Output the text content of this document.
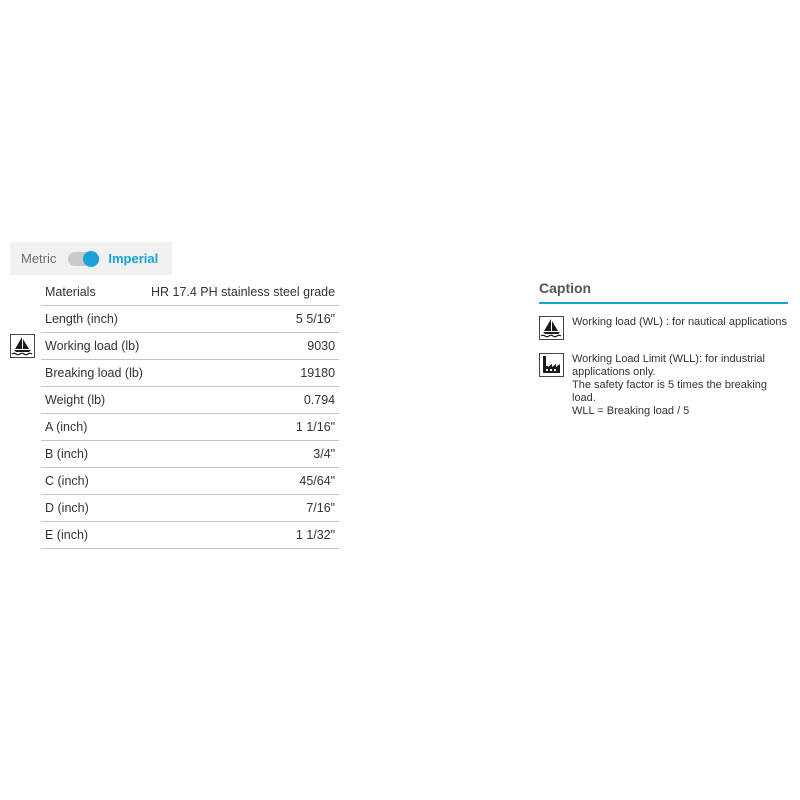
Metric	Imperial
Materials	HR 17.4 PH stainless steel grade
Length (inch)	5 5/16"
Working load (lb)	9030
Breaking load (lb)	19180
Weight (lb)	0.794
A (inch)	1 1/16"
B (inch)	3/4"
C (inch)	45/64"
D (inch)	7/16"
E (inch)	1 1/32"
Caption
Working load (WL) : for nautical applications
Working Load Limit (WLL): for industrial applications only.
The safety factor is 5 times the breaking load.
WLL = Breaking load / 5
